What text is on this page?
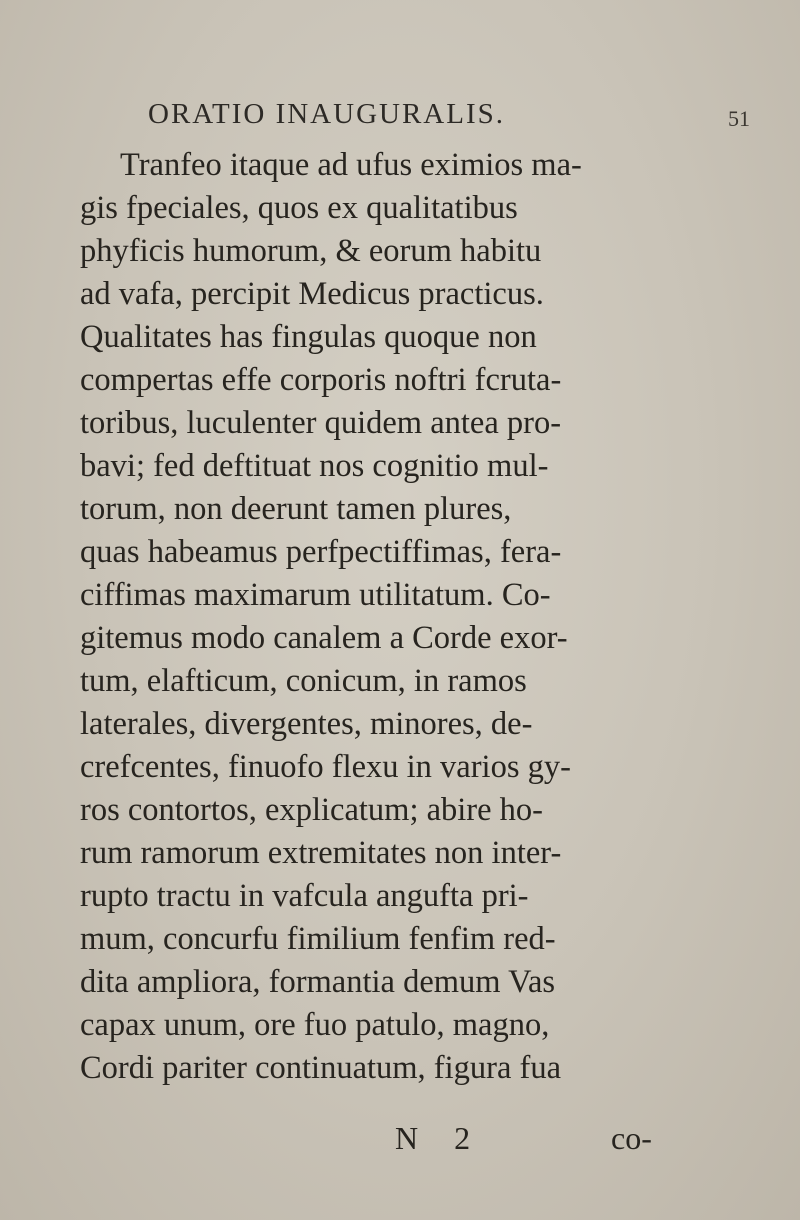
ORATIO INAUGURALIS.	51
Tranfeo itaque ad ufus eximios ma-
gis fpeciales, quos ex qualitatibus
phyficis humorum, & eorum habitu
ad vafa, percipit Medicus practicus.
Qualitates has fingulas quoque non
compertas effe corporis noftri fcruta-
toribus, luculenter quidem antea pro-
bavi; fed deftituat nos cognitio mul-
torum, non deerunt tamen plures,
quas habeamus perfpectiffimas, fera-
ciffimas maximarum utilitatum. Co-
gitemus modo canalem a Corde exor-
tum, elafticum, conicum, in ramos
laterales, divergentes, minores, de-
crefcentes, finuofo flexu in varios gy-
ros contortos, explicatum; abire ho-
rum ramorum extremitates non inter-
rupto tractu in vafcula angufta pri-
mum, concurfu fimilium fenfim red-
dita ampliora, formantia demum Vas
capax unum, ore fuo patulo, magno,
Cordi pariter continuatum, figura fua
N 2	co-
